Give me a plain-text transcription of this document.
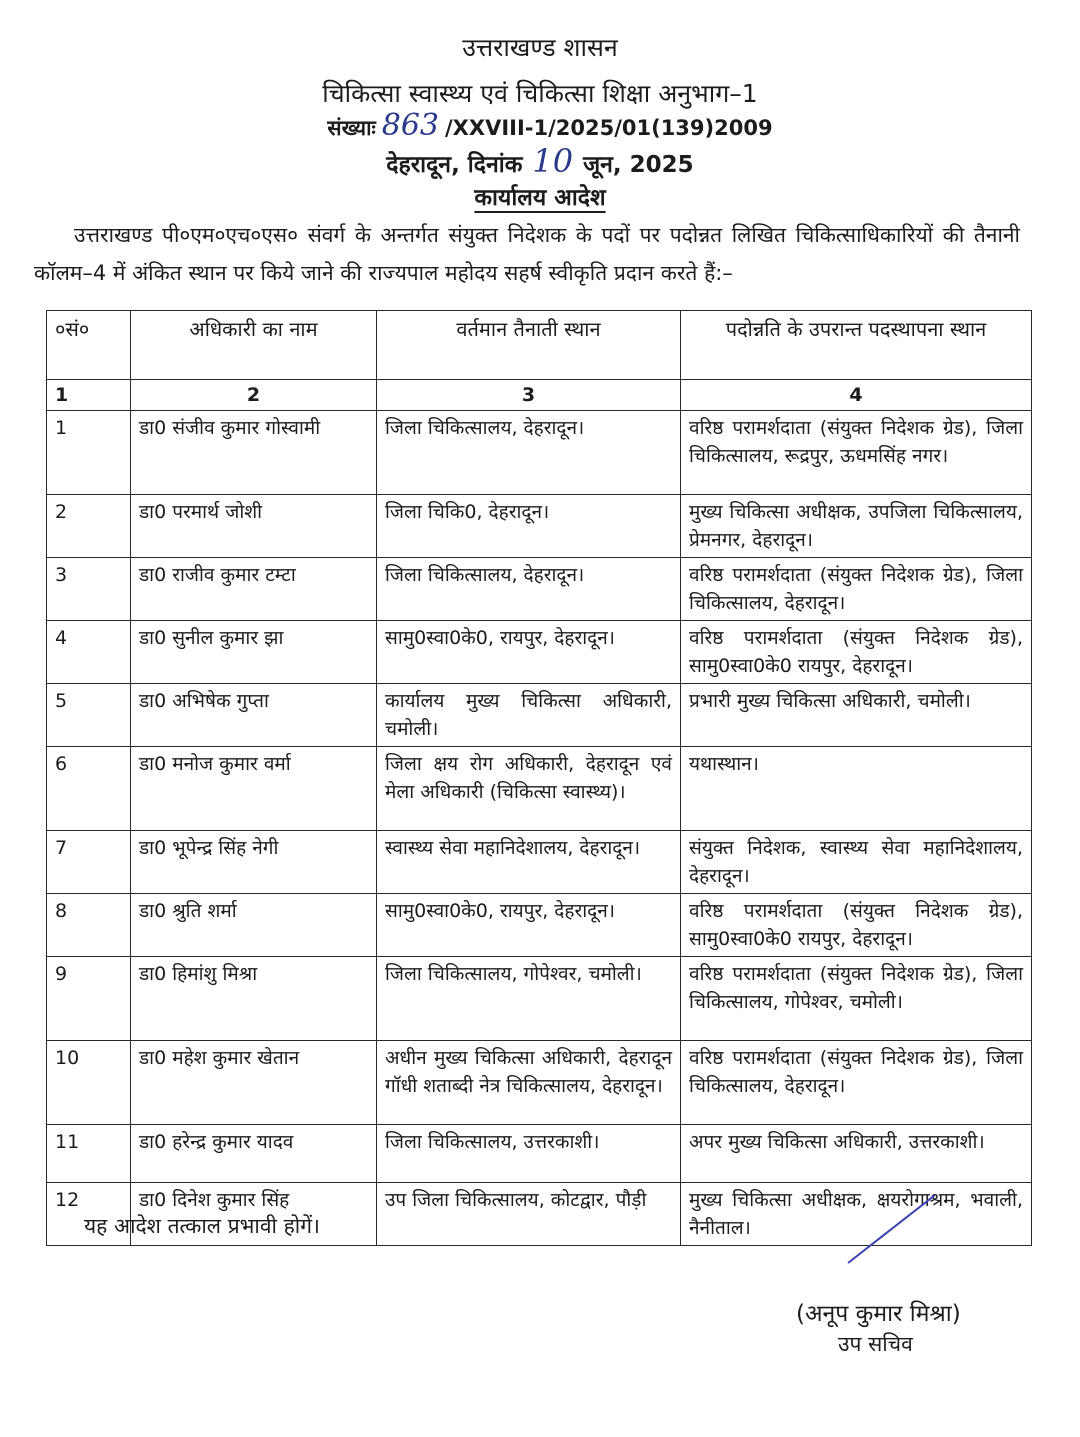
उत्तराखण्ड शासन
चिकित्सा स्वास्थ्य एवं चिकित्सा शिक्षा अनुभाग–1
संख्याः 863 /XXVIII-1/2025/01(139)2009
देहरादून, दिनांक 10 जून, 2025
कार्यालय आदेश
उत्तराखण्ड पी०एम०एच०एस० संवर्ग के अन्तर्गत संयुक्त निदेशक के पदों पर पदोन्नत लिखित चिकित्साधिकारियों की तैनानी कॉलम–4 में अंकित स्थान पर किये जाने की राज्यपाल महोदय सहर्ष स्वीकृति प्रदान करते हैं:–
०सं०	अधिकारी का नाम	वर्तमान तैनाती स्थान	पदोन्नति के उपरान्त पदस्थापना स्थान
1	2	3	4
1	डा0 संजीव कुमार गोस्वामी	जिला चिकित्सालय, देहरादून।	वरिष्ठ परामर्शदाता (संयुक्त निदेशक ग्रेड), जिला चिकित्सालय, रूद्रपुर, ऊधमसिंह नगर।
2	डा0 परमार्थ जोशी	जिला चिकि0, देहरादून।	मुख्य चिकित्सा अधीक्षक, उपजिला चिकित्सालय, प्रेमनगर, देहरादून।
3	डा0 राजीव कुमार टम्टा	जिला चिकित्सालय, देहरादून।	वरिष्ठ परामर्शदाता (संयुक्त निदेशक ग्रेड), जिला चिकित्सालय, देहरादून।
4	डा0 सुनील कुमार झा	सामु0स्वा0के0, रायपुर, देहरादून।	वरिष्ठ परामर्शदाता (संयुक्त निदेशक ग्रेड), सामु0स्वा0के0 रायपुर, देहरादून।
5	डा0 अभिषेक गुप्ता	कार्यालय मुख्य चिकित्सा अधिकारी, चमोली।	प्रभारी मुख्य चिकित्सा अधिकारी, चमोली।
6	डा0 मनोज कुमार वर्मा	जिला क्षय रोग अधिकारी, देहरादून एवं मेला अधिकारी (चिकित्सा स्वास्थ्य)।	यथास्थान।
7	डा0 भूपेन्द्र सिंह नेगी	स्वास्थ्य सेवा महानिदेशालय, देहरादून।	संयुक्त निदेशक, स्वास्थ्य सेवा महानिदेशालय, देहरादून।
8	डा0 श्रुति शर्मा	सामु0स्वा0के0, रायपुर, देहरादून।	वरिष्ठ परामर्शदाता (संयुक्त निदेशक ग्रेड), सामु0स्वा0के0 रायपुर, देहरादून।
9	डा0 हिमांशु मिश्रा	जिला चिकित्सालय, गोपेश्वर, चमोली।	वरिष्ठ परामर्शदाता (संयुक्त निदेशक ग्रेड), जिला चिकित्सालय, गोपेश्वर, चमोली।
10	डा0 महेश कुमार खेतान	अधीन मुख्य चिकित्सा अधिकारी, देहरादून गॉधी शताब्दी नेत्र चिकित्सालय, देहरादून।	वरिष्ठ परामर्शदाता (संयुक्त निदेशक ग्रेड), जिला चिकित्सालय, देहरादून।
11	डा0 हरेन्द्र कुमार यादव	जिला चिकित्सालय, उत्तरकाशी।	अपर मुख्य चिकित्सा अधिकारी, उत्तरकाशी।
12	डा0 दिनेश कुमार सिंह	उप जिला चिकित्सालय, कोटद्वार, पौड़ी	मुख्य चिकित्सा अधीक्षक, क्षयरोगाश्रम, भवाली, नैनीताल।
यह आदेश तत्काल प्रभावी होगें।
(अनूप कुमार मिश्रा)
उप सचिव
